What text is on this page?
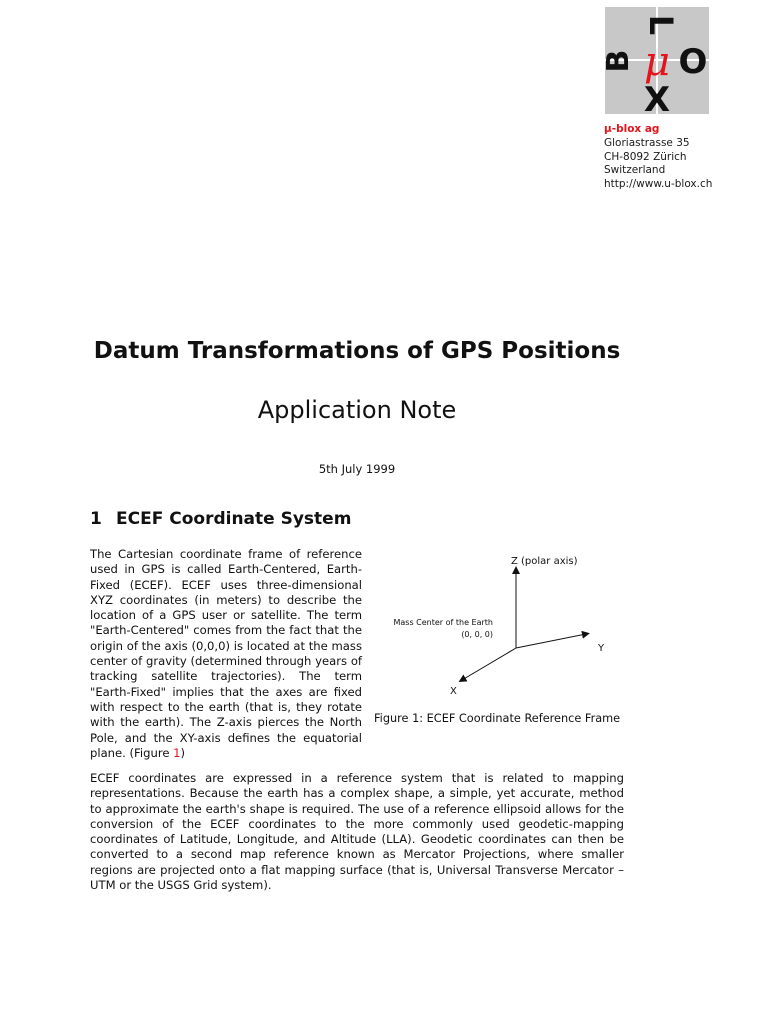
L
B μ O
X
μ-blox ag
Gloriastrasse 35
CH-8092 Zürich
Switzerland
http://www.u-blox.ch
Datum Transformations of GPS Positions
Application Note
5th July 1999
1 ECEF Coordinate System
The Cartesian coordinate frame of reference used in GPS is called Earth-Centered, Earth-Fixed (ECEF). ECEF uses three-dimensional XYZ coordinates (in meters) to describe the location of a GPS user or satellite. The term "Earth-Centered" comes from the fact that the origin of the axis (0,0,0) is located at the mass center of gravity (determined through years of tracking satellite trajectories). The term "Earth-Fixed" implies that the axes are fixed with respect to the earth (that is, they rotate with the earth). The Z-axis pierces the North Pole, and the XY-axis defines the equatorial plane. (Figure 1)
Z (polar axis)
Y
X
Mass Center of the Earth
(0, 0, 0)
Figure 1: ECEF Coordinate Reference Frame
ECEF coordinates are expressed in a reference system that is related to mapping representations. Because the earth has a complex shape, a simple, yet accurate, method to approximate the earth's shape is required. The use of a reference ellipsoid allows for the conversion of the ECEF coordinates to the more commonly used geodetic-mapping coordinates of Latitude, Longitude, and Altitude (LLA). Geodetic coordinates can then be converted to a second map reference known as Mercator Projections, where smaller regions are projected onto a flat mapping surface (that is, Universal Transverse Mercator – UTM or the USGS Grid system).
